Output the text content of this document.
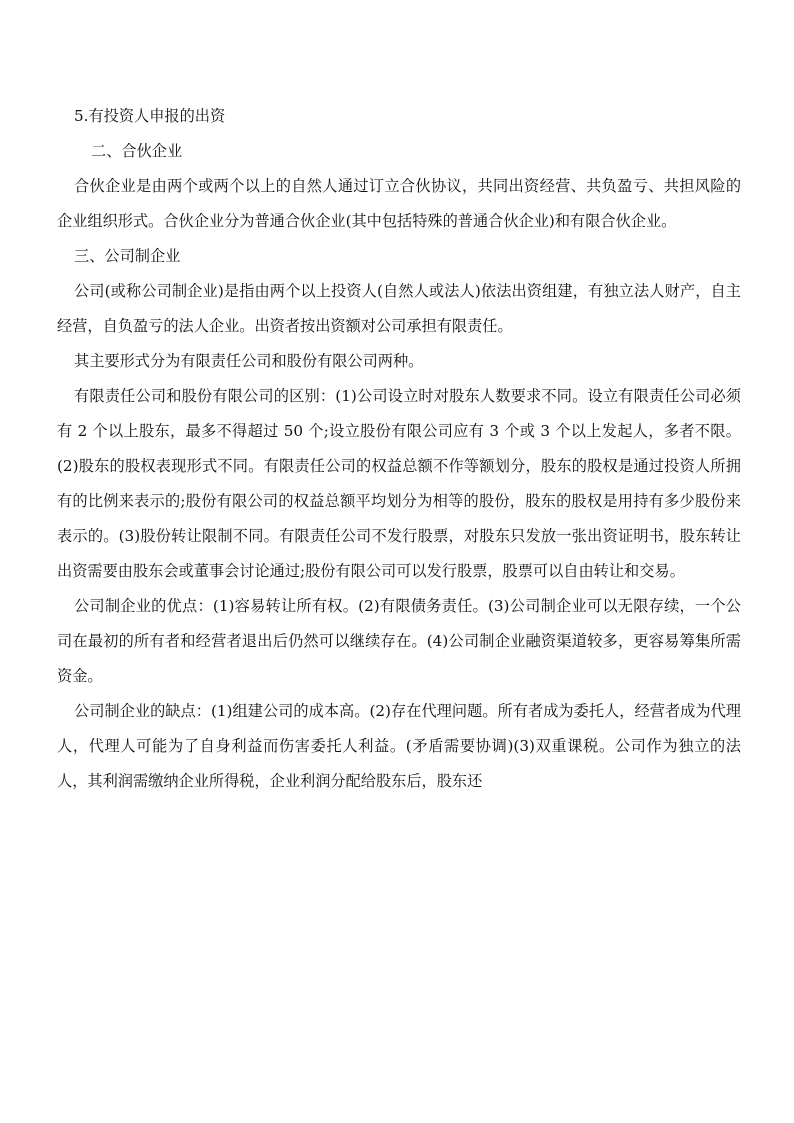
5.有投资人申报的出资

二、合伙企业

合伙企业是由两个或两个以上的自然人通过订立合伙协议，共同出资经营、共负盈亏、共担风险的企业组织形式。合伙企业分为普通合伙企业(其中包括特殊的普通合伙企业)和有限合伙企业。

三、公司制企业

公司(或称公司制企业)是指由两个以上投资人(自然人或法人)依法出资组建，有独立法人财产，自主经营，自负盈亏的法人企业。出资者按出资额对公司承担有限责任。

其主要形式分为有限责任公司和股份有限公司两种。

有限责任公司和股份有限公司的区别：(1)公司设立时对股东人数要求不同。设立有限责任公司必须有 2 个以上股东，最多不得超过 50 个;设立股份有限公司应有 3 个或 3 个以上发起人，多者不限。(2)股东的股权表现形式不同。有限责任公司的权益总额不作等额划分，股东的股权是通过投资人所拥有的比例来表示的;股份有限公司的权益总额平均划分为相等的股份，股东的股权是用持有多少股份来表示的。(3)股份转让限制不同。有限责任公司不发行股票，对股东只发放一张出资证明书，股东转让出资需要由股东会或董事会讨论通过;股份有限公司可以发行股票，股票可以自由转让和交易。

公司制企业的优点：(1)容易转让所有权。(2)有限债务责任。(3)公司制企业可以无限存续，一个公司在最初的所有者和经营者退出后仍然可以继续存在。(4)公司制企业融资渠道较多，更容易筹集所需资金。

公司制企业的缺点：(1)组建公司的成本高。(2)存在代理问题。所有者成为委托人，经营者成为代理人，代理人可能为了自身利益而伤害委托人利益。(矛盾需要协调)(3)双重课税。公司作为独立的法人，其利润需缴纳企业所得税，企业利润分配给股东后，股东还
